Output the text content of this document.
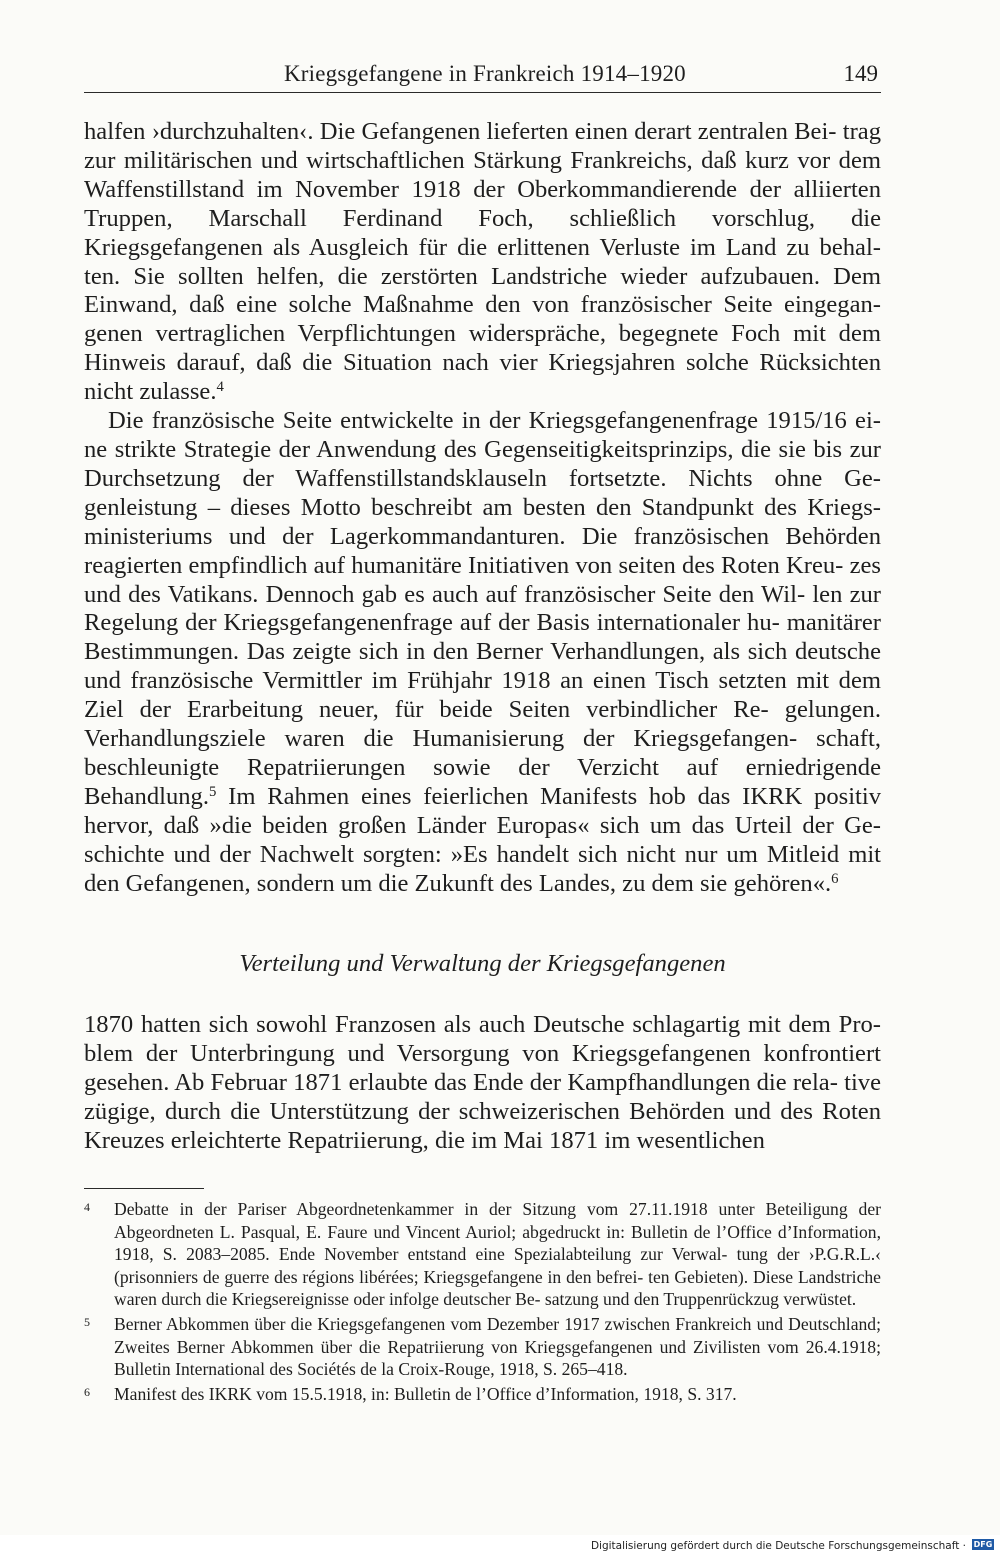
Kriegsgefangene in Frankreich 1914–1920	149

halfen ›durchzuhalten‹. Die Gefangenen lieferten einen derart zentralen Bei- trag zur militärischen und wirtschaftlichen Stärkung Frankreichs, daß kurz vor dem Waffenstillstand im November 1918 der Oberkommandierende der alliierten Truppen, Marschall Ferdinand Foch, schließlich vorschlug, die Kriegsgefangenen als Ausgleich für die erlittenen Verluste im Land zu behal- ten. Sie sollten helfen, die zerstörten Landstriche wieder aufzubauen. Dem Einwand, daß eine solche Maßnahme den von französischer Seite eingegan- genen vertraglichen Verpflichtungen widerspräche, begegnete Foch mit dem Hinweis darauf, daß die Situation nach vier Kriegsjahren solche Rücksichten nicht zulasse.$^4$

Die französische Seite entwickelte in der Kriegsgefangenenfrage 1915/16 ei- ne strikte Strategie der Anwendung des Gegenseitigkeitsprinzips, die sie bis zur Durchsetzung der Waffenstillstandsklauseln fortsetzte. Nichts ohne Ge- genleistung – dieses Motto beschreibt am besten den Standpunkt des Kriegs- ministeriums und der Lagerkommandanturen. Die französischen Behörden reagierten empfindlich auf humanitäre Initiativen von seiten des Roten Kreu- zes und des Vatikans. Dennoch gab es auch auf französischer Seite den Wil- len zur Regelung der Kriegsgefangenenfrage auf der Basis internationaler hu- manitärer Bestimmungen. Das zeigte sich in den Berner Verhandlungen, als sich deutsche und französische Vermittler im Frühjahr 1918 an einen Tisch setzten mit dem Ziel der Erarbeitung neuer, für beide Seiten verbindlicher Re- gelungen. Verhandlungsziele waren die Humanisierung der Kriegsgefangen- schaft, beschleunigte Repatriierungen sowie der Verzicht auf erniedrigende Behandlung.$^5$ Im Rahmen eines feierlichen Manifests hob das IKRK positiv hervor, daß »die beiden großen Länder Europas« sich um das Urteil der Ge- schichte und der Nachwelt sorgten: »Es handelt sich nicht nur um Mitleid mit den Gefangenen, sondern um die Zukunft des Landes, zu dem sie gehören«.$^6$

Verteilung und Verwaltung der Kriegsgefangenen

1870 hatten sich sowohl Franzosen als auch Deutsche schlagartig mit dem Pro- blem der Unterbringung und Versorgung von Kriegsgefangenen konfrontiert gesehen. Ab Februar 1871 erlaubte das Ende der Kampfhandlungen die rela- tive zügige, durch die Unterstützung der schweizerischen Behörden und des Roten Kreuzes erleichterte Repatriierung, die im Mai 1871 im wesentlichen

4 Debatte in der Pariser Abgeordnetenkammer in der Sitzung vom 27.11.1918 unter Beteiligung der Abgeordneten L. Pasqual, E. Faure und Vincent Auriol; abgedruckt in: Bulletin de l’Office d’Information, 1918, S. 2083–2085. Ende November entstand eine Spezialabteilung zur Verwal- tung der ›P.G.R.L.‹ (prisonniers de guerre des régions libérées; Kriegsgefangene in den befrei- ten Gebieten). Diese Landstriche waren durch die Kriegsereignisse oder infolge deutscher Be- satzung und den Truppenrückzug verwüstet.
5 Berner Abkommen über die Kriegsgefangenen vom Dezember 1917 zwischen Frankreich und Deutschland; Zweites Berner Abkommen über die Repatriierung von Kriegsgefangenen und Zivilisten vom 26.4.1918; Bulletin International des Sociétés de la Croix-Rouge, 1918, S. 265–418.
6 Manifest des IKRK vom 15.5.1918, in: Bulletin de l’Office d’Information, 1918, S. 317.
Digitalisierung gefördert durch die Deutsche Forschungsgemeinschaft · DFG
